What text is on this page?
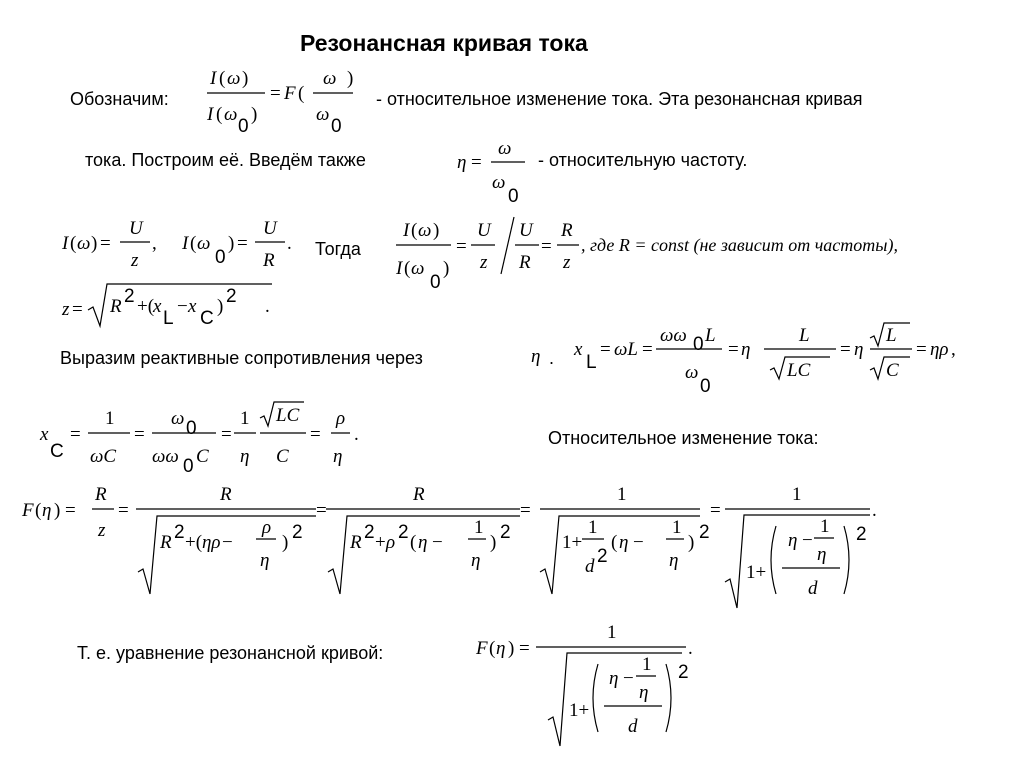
Резонансная кривая тока
Обозначим:
I ( ω )
I ( ω
0
)
= F (
ω
ω
0
)
- относительное изменение тока. Эта резонансная кривая
тока. Построим её. Введём также	η =
ω
ω
0
- относительную частоту.
I ( ω ) =
U
z
, I ( ω
0
) =
U
R
.
z = R 2 +(
x
L
− x
C
) 2 .
Тогда
I ( ω )
I ( ω
0
)
=
U
z
U
R
=
R
z
, где R = const (не зависит от частоты),
Выразим реактивные сопротивления через	η . x
L
= ωL =
ωω 0 L
ω
0
= η
L
LC
= η
L
C
= ηρ ,
x
C
=
1
ωC
=
ω 0
ωω 0 C
=
1
η
LC
C
=
ρ
η
.	Относительное изменение тока:
F ( η ) =
R
z
=
R
R 2 +( ηρ −
ρ
η
) 2
=
R
R 2 + ρ 2 ( η −
1
η
) 2
=
1
1+
1
d 2
( η −
1
η
) 2
=
1
1+
η −
1
η
d
2
.
Т. е. уравнение резонансной кривой:	F ( η ) =
1
1+
η −
1
η
d
2
.
